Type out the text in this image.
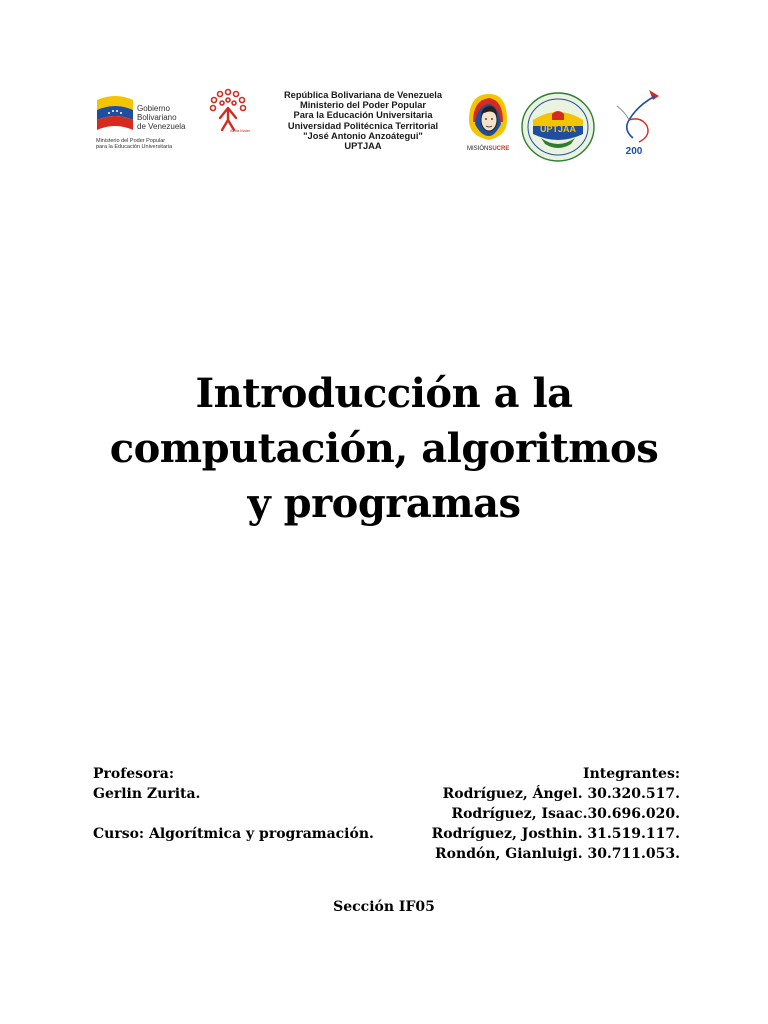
Gobierno
Bolivariano
de Venezuela
Ministerio del Poder Popular
para la Educación Universitaria
Alma Mater
República Bolivariana de Venezuela
Ministerio del Poder Popular
Para la Educación Universitaria
Universidad Politécnica Territorial
"José Antonio Anzoátegui"
UPTJAA	MISIÓNSUCRE
UPTJAA
200
Introducción a la
computación, algoritmos
y programas
Profesora:
Gerlin Zurita.
Curso: Algorítmica y programación.
Integrantes:
Rodríguez, Ángel. 30.320.517.
Rodríguez, Isaac.30.696.020.
Rodríguez, Josthin. 31.519.117.
Rondón, Gianluigi. 30.711.053.
Sección IF05
